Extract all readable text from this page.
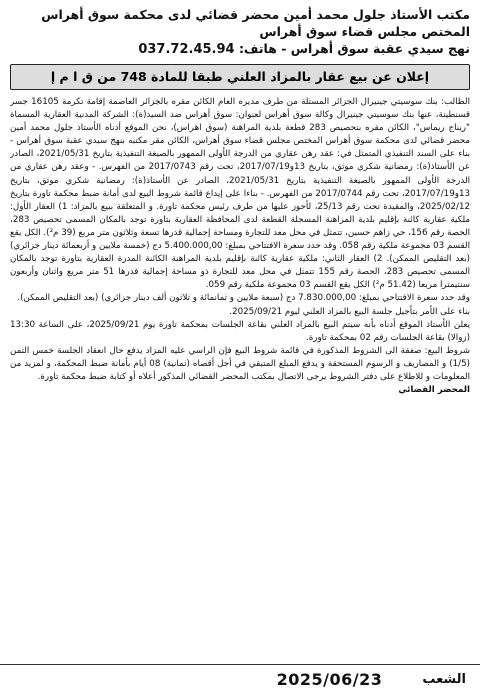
مكتب الأستاذ جلول محمد أمين محضر قضائي لدى محكمة سوق أهراس
المختص مجلس قضاء سوق أهراس
نهج سيدي عقبة سوق أهراس - هاتف: 037.72.45.94
إعلان عن بيع عقار بالمزاد العلني طبقا للمادة 748 من ق ا م إ

الطالب: بنك سوسيتي جينيرال الجزائر المسثلة من طرف مديره العام الكائن مقره بالجزائر العاصمة إقامة تكرمة 16105 جسر قسنطينة، عنها بنك سوسيتي جينيرال وكالة سوق أهراس لعنوان: سوق أهراس ضد السيد(ة): الشركة المدنية العقارية المسماة "ريناج ريماس"، الكائن مقره بتحصيص 283 قطعة بلدية المراهنة (سوق اهراس)، نحن الموقع أدناه الأستاذ جلول محمد أمين محضر قضائي لدى محكمة سوق أهراس المختص مجلس قضاء سوق أهراس، الكائن مقر مكتبه بنهج سيدي عقبة سوق أهراس - بناء على السند التنفيذي المتمثل في: عقد رهن عقاري من الدرجة الأولى الممهور بالصيغة التنفيذية بتاريخ 2021/05/31، الصادر عن الأستاذ(ة): رمضانية شكري موثق، بتاريخ 13و2017/07/19، تحت رقم 2017/0743 من الفهرس. - وعقد رهن عقاري من الدرجة الأولى الممهور بالصيغة التنفيذية بتاريخ 2021/05/31، الصادر عن الأستاذ(ة): رمضانية شكري موثق، بتاريخ 13و2017/07/19، تحت رقم 2017/0744 من الفهرس. - بناءا على إيداع قائمة شروط البيع لدى أمانة ضبط محكمة تاورة بتاريخ 2025/02/12، والمقيدة تحت رقم 25/13، لأحوز عليها من طرف رئيس محكمة تاورة. و المتعلقة ببيع بالمزاد: 1) العقار الأول: ملكية عقارية كائنة بإقليم بلدية المراهنة المسجلة القطعة لدى المحافظة العقارية بتاورة توجد بالمكان المسمى تحصيص 283، الحصة رقم 156، حي زاهم حسين، تتمثل في محل معد للتجارة ومساحة إجمالية قدرها تسعة وثلاثون متر مربع (39 م²). الكل يقع القسم 03 مجموعة ملكية رقم 058. وقد حدد سعرة الافتتاحي بمبلغ: 5.400.000,00 دج (خمسة ملايين و أربعمائة دينار جزائري) (بعد التقليص الممكن). 2) العقار الثاني: ملكية عقارية كائنة بإقليم بلدية المراهنة الكائنة المدرة العقارية بتاورة توجد بالمكان المسمى تحصيص 283، الحصة رقم 155 تتمثل في محل معد للتجارة ذو مساحة إجمالية قدرها 51 متر مربع واثنان وأربعون سنتيمترا مربعا (51.42 م²) الكل يقع القسم 03 مجموعة ملكية رقم 059.

وقد حدد سعرة الافتتاحي بمبلغ: 7.830.000,00 دج (سبعة ملايين و ثمانمائة و ثلاثون ألف دينار جزائري) (بعد التقليص الممكن).

بناء على الأمر بتأجيل جلسة البيع بالمزاد العلني ليوم 2025/09/21.

يعلن الأستاذ الموقع أدناه بأنه سيتم البيع بالمزاد العلني بقاعة الجلسات بمحكمة تاورة يوم 2025/09/21، على الساعة 13:30 (زوالا) بقاعة الجلسات رقم 02 بمحكمة تاورة.

شروط البيع: صفقة الى الشروط المذكورة في قائمة شروط البيع فإن الراسي عليه المزاد يدفع حال انعقاد الجلسة خمس الثمن (1/5) و المصاريف و الرسوم المستحقة و يدفع المبلغ المتبقي في أجل أقصاه (ثمانية) 08 أيام بأمانة ضبط المحكمة، و لمزيد من المعلومات و للاطلاع على دفتر الشروط يرجى الاتصال بمكتب المحضر القضائي المذكور أعلاه أو كتابة ضبط محكمة تاورة.

المحضر القضائي
2025/06/23	الشعب
